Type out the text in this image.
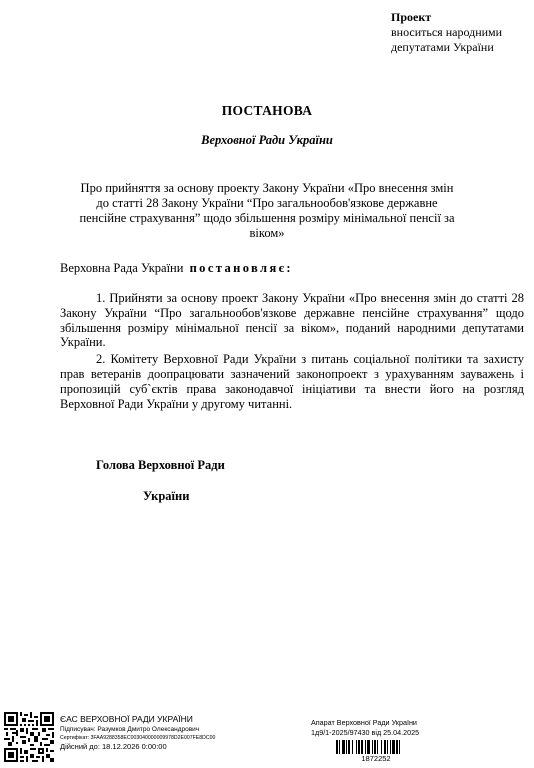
Проект
вноситься народними
депутатами України
ПОСТАНОВА
Верховної Ради України
Про прийняття за основу проекту Закону України «Про внесення змін до статті 28 Закону України “Про загальнообов'язкове державне пенсійне страхування” щодо збільшення розміру мінімальної пенсії за віком»
Верховна Рада України постановляє:

1. Прийняти за основу проект Закону України «Про внесення змін до статті 28 Закону України “Про загальнообов'язкове державне пенсійне страхування” щодо збільшення розміру мінімальної пенсії за віком», поданий народними депутатами України.

2. Комітету Верховної Ради України з питань соціальної політики та захисту прав ветеранів доопрацювати зазначений законопроект з урахуванням зауважень і пропозицій суб`єктів права законодавчої ініціативи та внести його на розгляд Верховної Ради України у другому читанні.

Голова Верховної Ради
України
ЄАС ВЕРХОВНОЇ РАДИ УКРАЇНИ
Підписувач: Разумков Дмитро Олександрович
Сертифікат: 3FAA9288358EC003040000009978D2E007FE8DC00
Дійсний до: 18.12.2026 0:00:00
Апарат Верховної Ради України
1д9/1-2025/97430 від 25.04.2025
1872252
